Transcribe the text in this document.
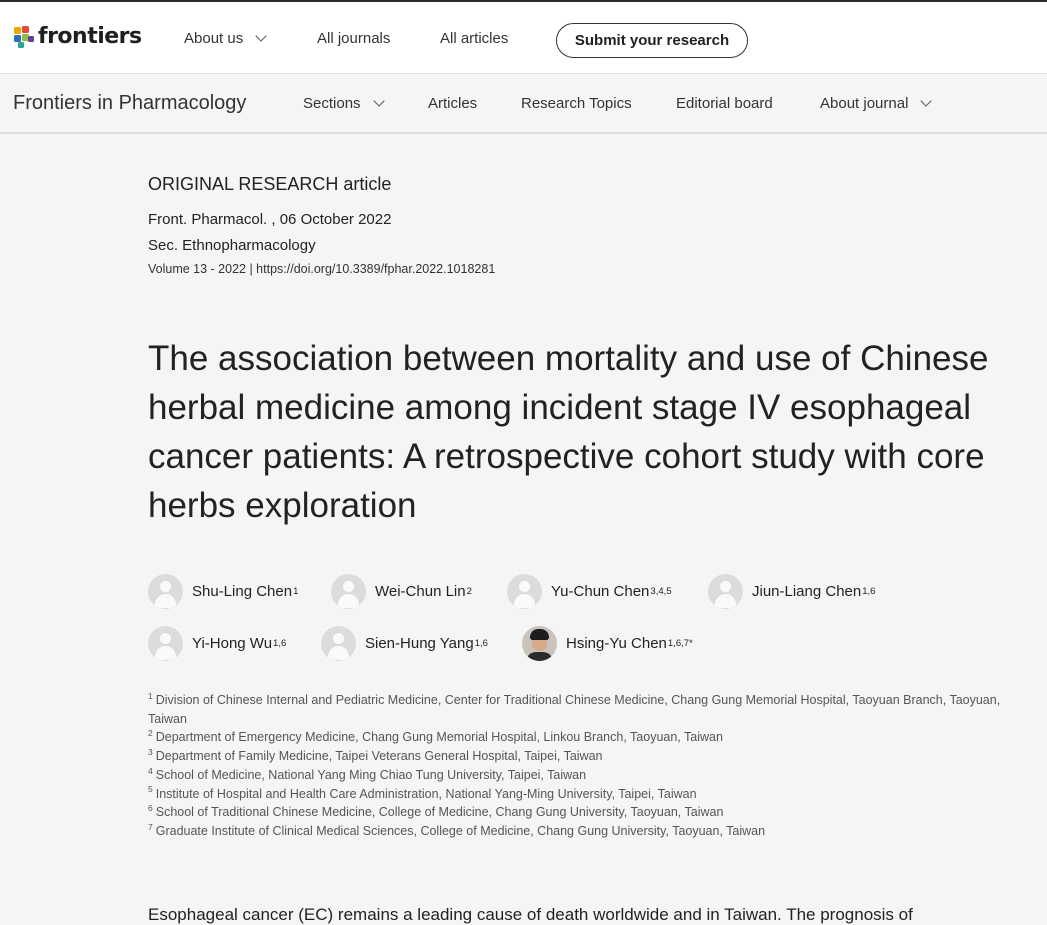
frontiers	About us	All journals	All articles	Submit your research
Frontiers in Pharmacology	Sections	Articles	Research Topics	Editorial board	About journal
ORIGINAL RESEARCH article
Front. Pharmacol. , 06 October 2022
Sec. Ethnopharmacology
Volume 13 - 2022 | https://doi.org/10.3389/fphar.2022.1018281
The association between mortality and use of Chinese herbal medicine among incident stage IV esophageal cancer patients: A retrospective cohort study with core herbs exploration
Shu-Ling Chen 1	Wei-Chun Lin 2	Yu-Chun Chen 3,4,5	Jiun-Liang Chen 1,6
Yi-Hong Wu 1,6	Sien-Hung Yang 1,6	Hsing-Yu Chen 1,6,7*
$^1$ Division of Chinese Internal and Pediatric Medicine, Center for Traditional Chinese Medicine, Chang Gung Memorial Hospital, Taoyuan Branch, Taoyuan, Taiwan
$^2$ Department of Emergency Medicine, Chang Gung Memorial Hospital, Linkou Branch, Taoyuan, Taiwan
$^3$ Department of Family Medicine, Taipei Veterans General Hospital, Taipei, Taiwan
$^4$ School of Medicine, National Yang Ming Chiao Tung University, Taipei, Taiwan
$^5$ Institute of Hospital and Health Care Administration, National Yang-Ming University, Taipei, Taiwan
$^6$ School of Traditional Chinese Medicine, College of Medicine, Chang Gung University, Taoyuan, Taiwan
$^7$ Graduate Institute of Clinical Medical Sciences, College of Medicine, Chang Gung University, Taoyuan, Taiwan
Esophageal cancer (EC) remains a leading cause of death worldwide and in Taiwan. The prognosis of
